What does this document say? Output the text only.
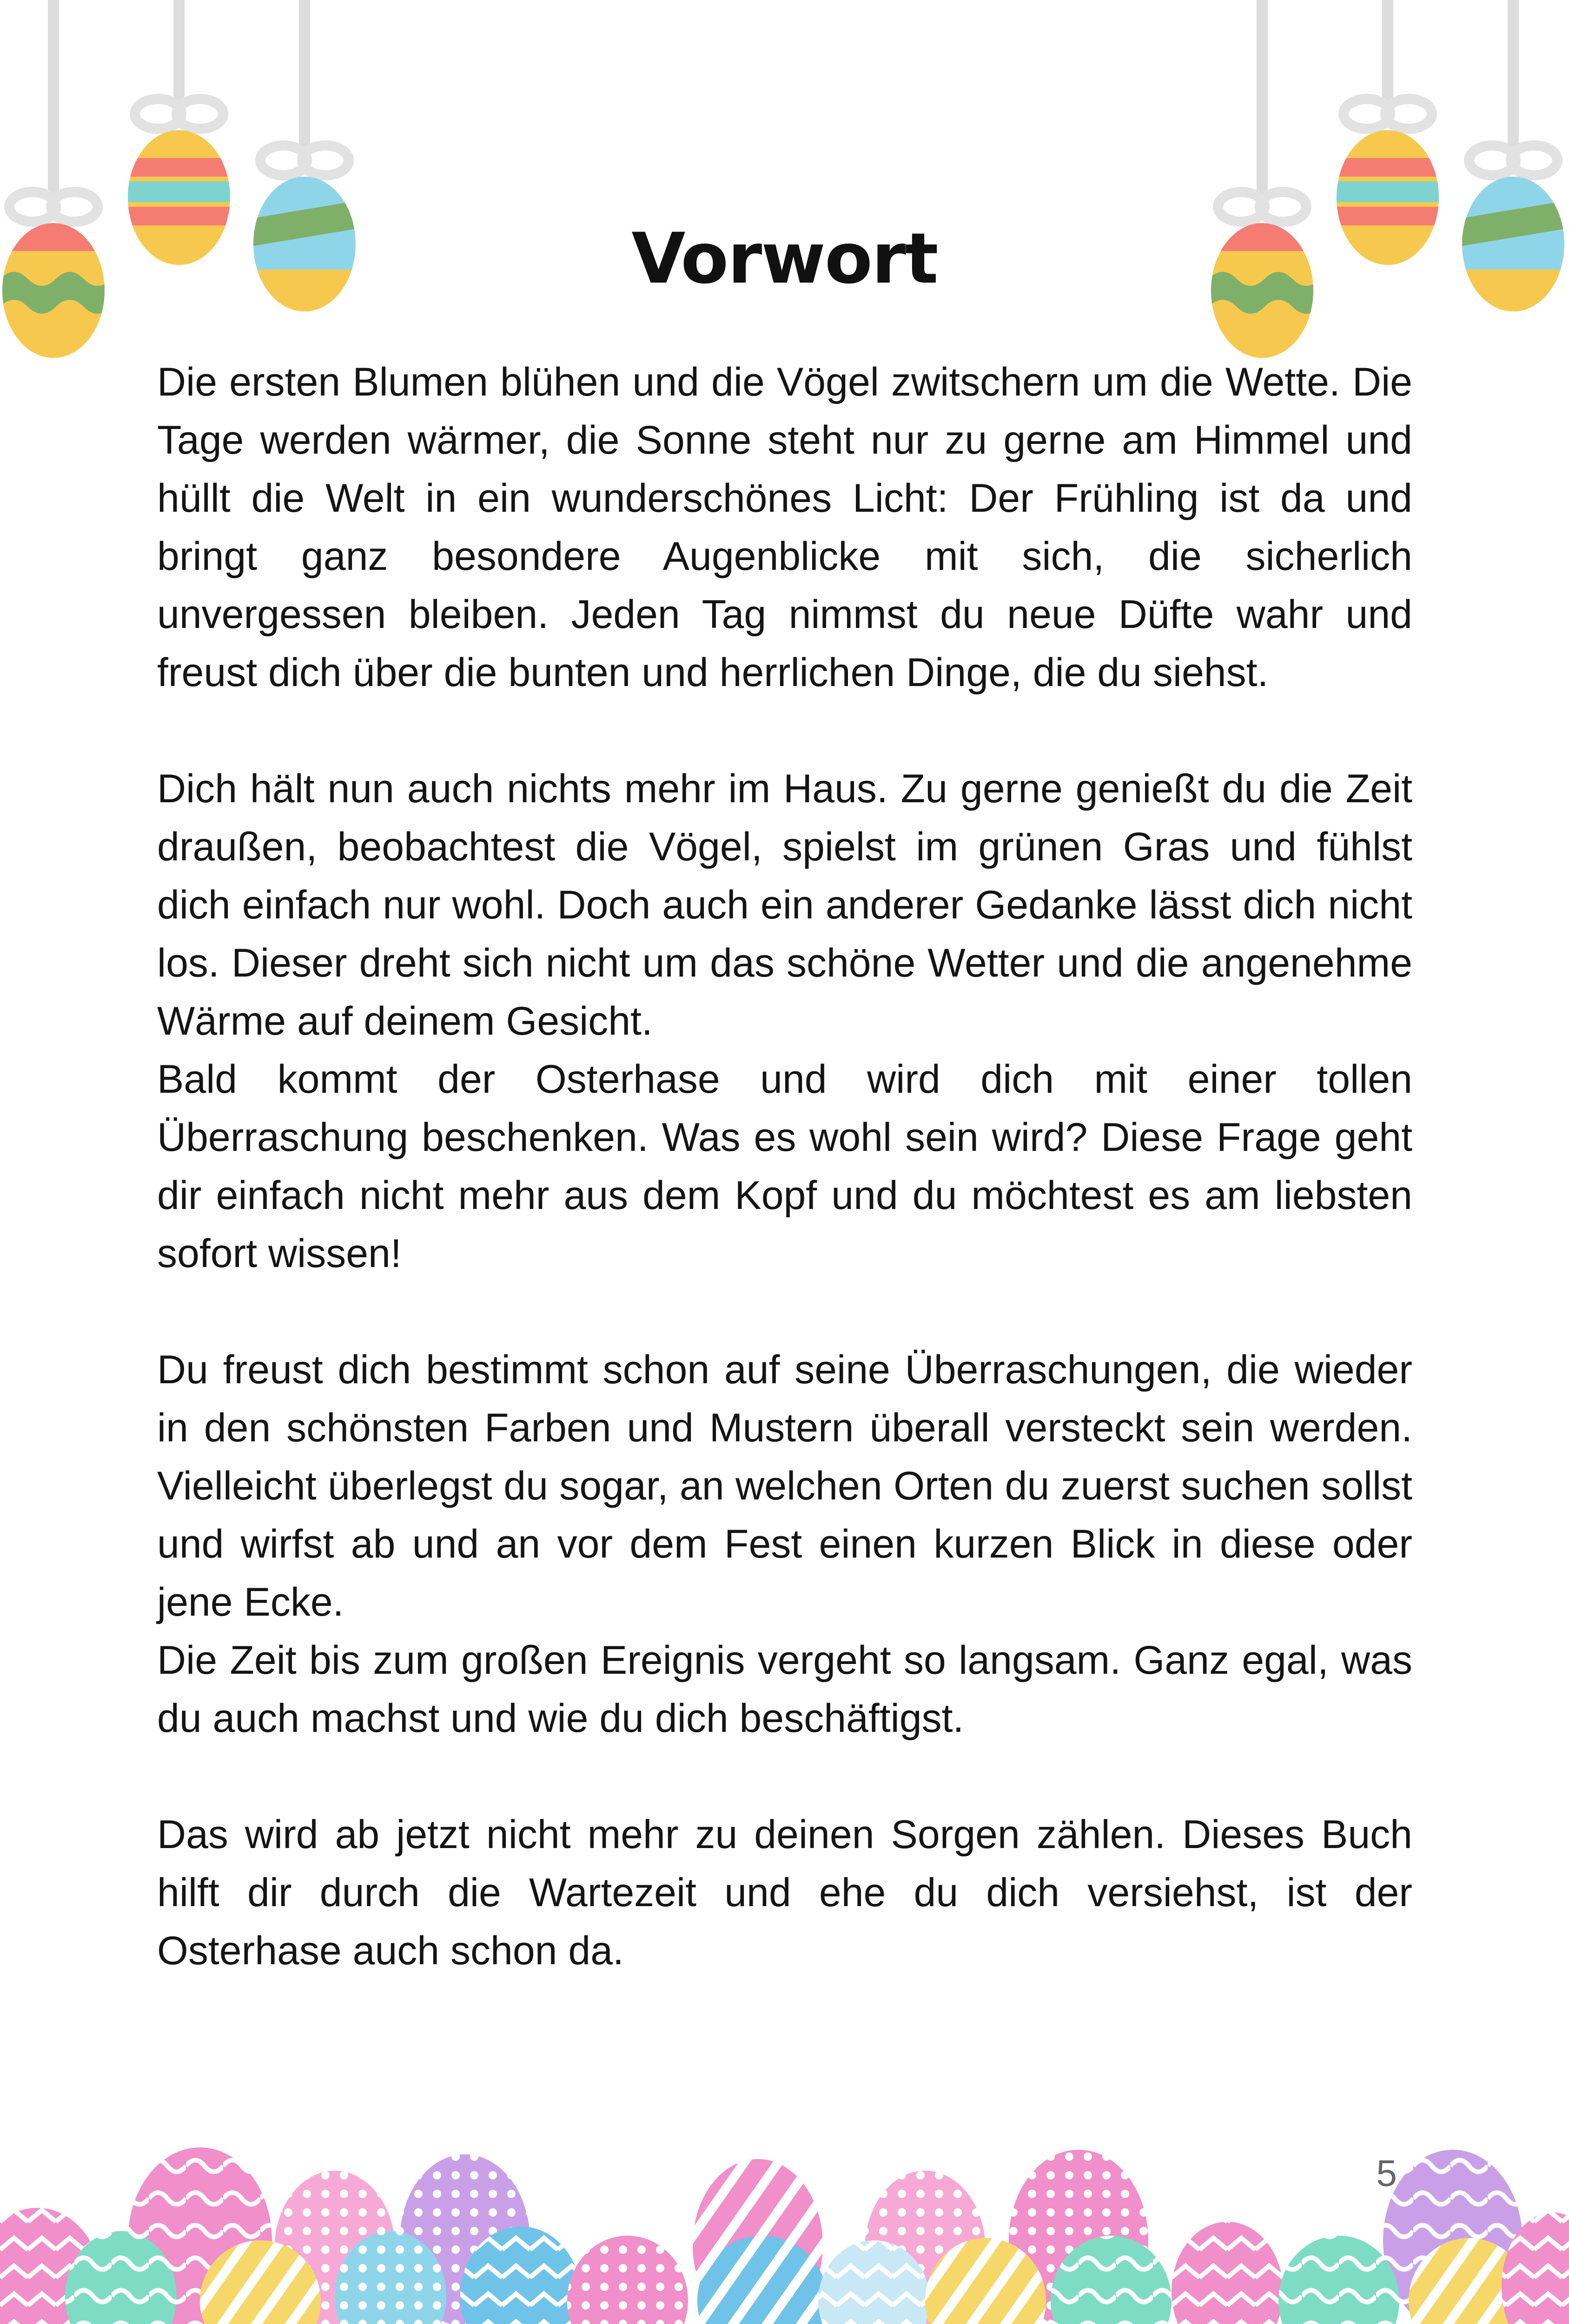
Vorwort

Die ersten Blumen blühen und die Vögel zwitschern um die Wette. Die Tage werden wärmer, die Sonne steht nur zu gerne am Himmel und hüllt die Welt in ein wunderschönes Licht: Der Frühling ist da und bringt ganz besondere Augenblicke mit sich, die sicherlich unvergessen bleiben. Jeden Tag nimmst du neue Düfte wahr und freust dich über die bunten und herrlichen Dinge, die du siehst.

Dich hält nun auch nichts mehr im Haus. Zu gerne genießt du die Zeit draußen, beobachtest die Vögel, spielst im grünen Gras und fühlst dich einfach nur wohl. Doch auch ein anderer Gedanke lässt dich nicht los. Dieser dreht sich nicht um das schöne Wetter und die angenehme Wärme auf deinem Gesicht.

Bald kommt der Osterhase und wird dich mit einer tollen Überraschung beschenken. Was es wohl sein wird? Diese Frage geht dir einfach nicht mehr aus dem Kopf und du möchtest es am liebsten sofort wissen!

Du freust dich bestimmt schon auf seine Überraschungen, die wieder in den schönsten Farben und Mustern überall versteckt sein werden. Vielleicht überlegst du sogar, an welchen Orten du zuerst suchen sollst und wirfst ab und an vor dem Fest einen kurzen Blick in diese oder jene Ecke.

Die Zeit bis zum großen Ereignis vergeht so langsam. Ganz egal, was du auch machst und wie du dich beschäftigst.

Das wird ab jetzt nicht mehr zu deinen Sorgen zählen. Dieses Buch hilft dir durch die Wartezeit und ehe du dich versiehst, ist der Osterhase auch schon da.

5
